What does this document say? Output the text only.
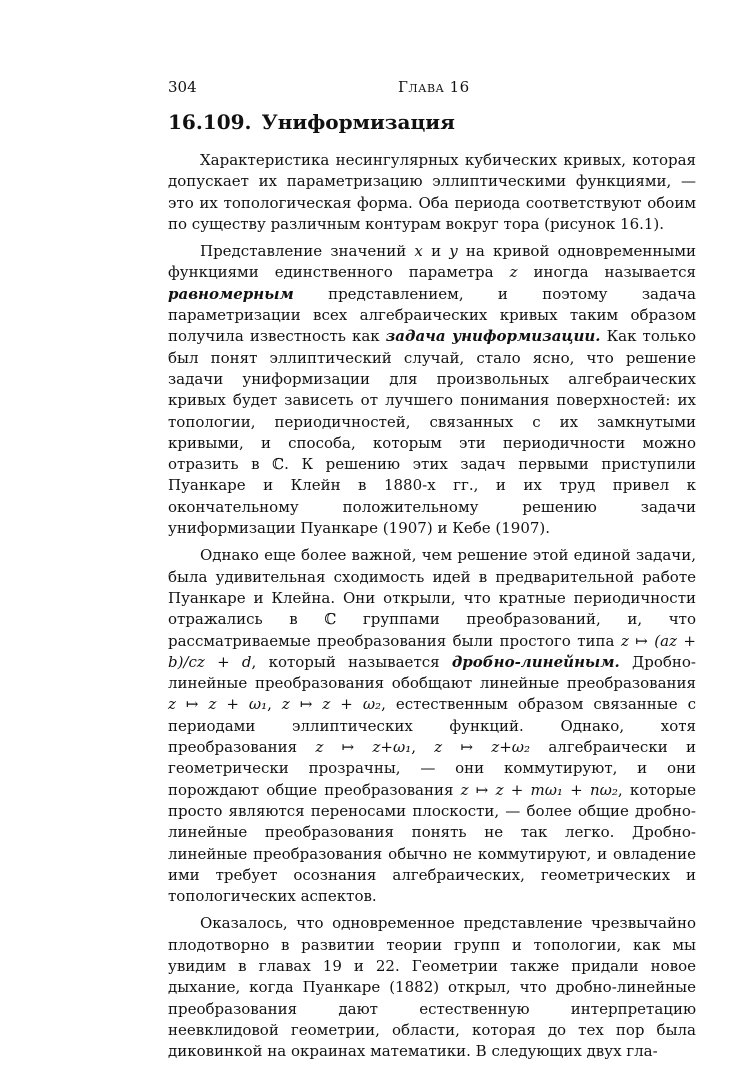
304	Глава 16
16.109. Униформизация

Характеристика несингулярных кубических кривых, которая допускает их параметризацию эллиптическими функциями, — это их топологическая форма. Оба периода соответствуют обоим по существу различным контурам вокруг тора (рисунок 16.1).

Представление значений x и y на кривой одновременными функциями единственного параметра z иногда называется равномерным представлением, и поэтому задача параметризации всех алгебраических кривых таким образом получила известность как задача униформизации. Как только был понят эллиптический случай, стало ясно, что решение задачи униформизации для произвольных алгебраических кривых будет зависеть от лучшего понимания поверхностей: их топологии, периодичностей, связанных с их замкнутыми кривыми, и способа, которым эти периодичности можно отразить в ℂ. К решению этих задач первыми приступили Пуанкаре и Клейн в 1880-х гг., и их труд привел к окончательному положительному решению задачи униформизации Пуанкаре (1907) и Кебе (1907).

Однако еще более важной, чем решение этой единой задачи, была удивительная сходимость идей в предварительной работе Пуанкаре и Клейна. Они открыли, что кратные периодичности отражались в ℂ группами преобразований, и, что рассматриваемые преобразования были простого типа z ↦ (az + b)/cz + d, который называется дробно-линейным. Дробно-линейные преобразования обобщают линейные преобразования z ↦ z + ω₁, z ↦ z + ω₂, естественным образом связанные с периодами эллиптических функций. Однако, хотя преобразования z ↦ z+ω₁, z ↦ z+ω₂ алгебраически и геометрически прозрачны, — они коммутируют, и они порождают общие преобразования z ↦ z + mω₁ + nω₂, которые просто являются переносами плоскости, — более общие дробно-линейные преобразования понять не так легко. Дробно-линейные преобразования обычно не коммутируют, и овладение ими требует осознания алгебраических, геометрических и топологических аспектов.

Оказалось, что одновременное представление чрезвычайно плодотворно в развитии теории групп и топологии, как мы увидим в главах 19 и 22. Геометрии также придали новое дыхание, когда Пуанкаре (1882) открыл, что дробно-линейные преобразования дают естественную интерпретацию неевклидовой геометрии, области, которая до тех пор была диковинкой на окраинах математики. В следующих двух гла-
